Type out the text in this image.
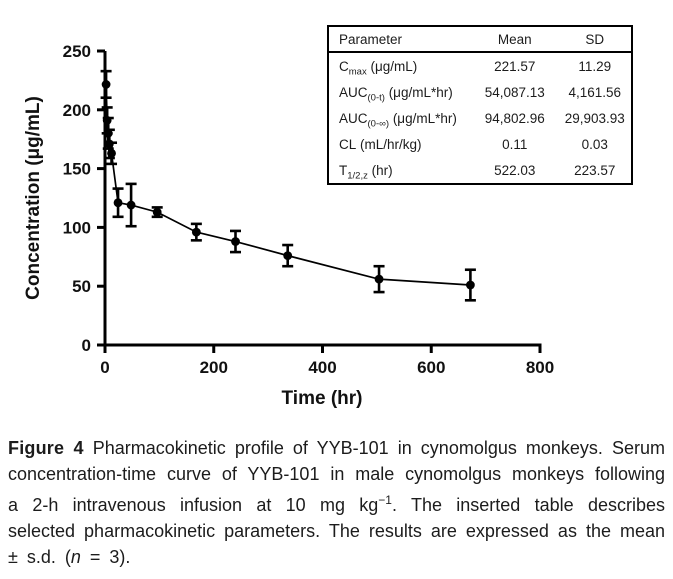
0
50
100
150
200
250
0	200	400	600	800
Time (hr)
Concentration (μg/mL)
Parameter	Mean	SD
$C_{max}$ (μg/mL)	221.57	11.29
$AUC_{(0-t)}$ (μg/mL*hr)	54,087.13	4,161.56
$AUC_{(0-\infty)}$ (μg/mL*hr)	94,802.96	29,903.93
CL (mL/hr/kg)	0.11	0.03
$T_{1/2,z}$ (hr)	522.03	223.57

Figure 4 Pharmacokinetic profile of YYB-101 in cynomolgus monkeys. Serum concentration-time curve of YYB-101 in male cynomolgus monkeys following a 2-h intravenous infusion at 10 mg $kg^{-1}$. The inserted table describes selected pharmacokinetic parameters. The results are expressed as the mean ± s.d. (n = 3).
